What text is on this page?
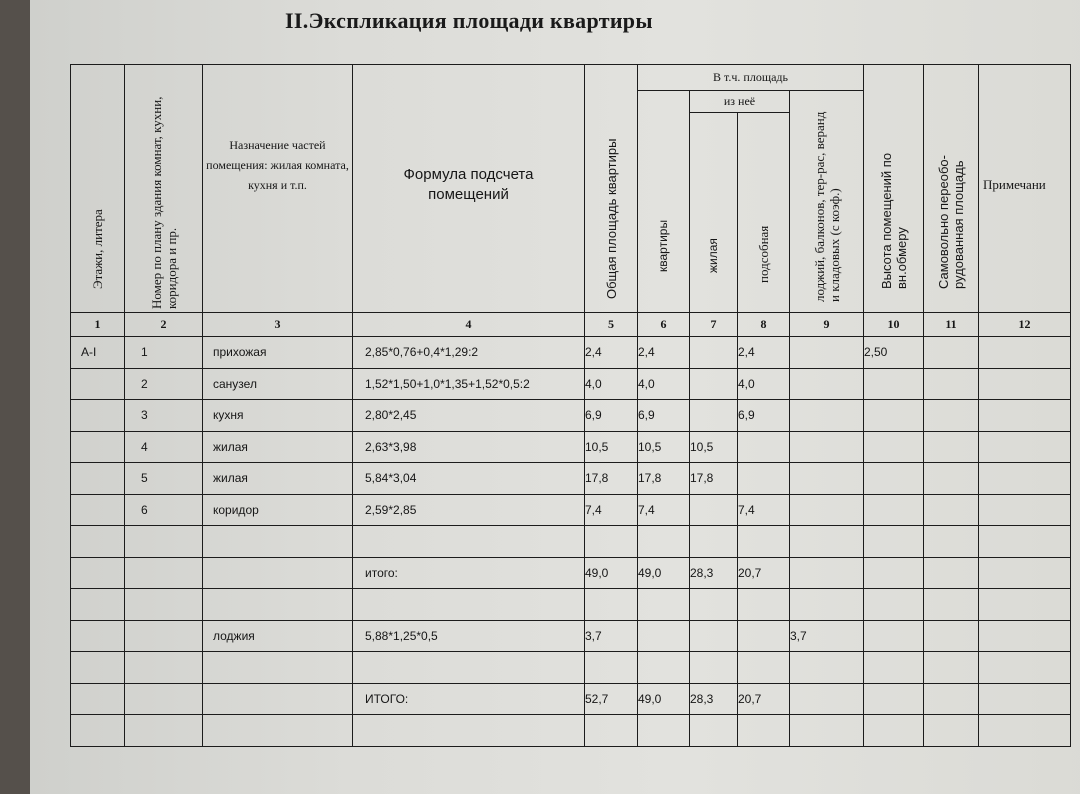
II.Экспликация площади квартиры
Этажи, литера	Номер по плану здания комнат, кухни, коридора и пр.	Назначение частей помещения: жилая комната, кухня и т.п.	Формула подсчета помещений	Общая площадь квартиры	В т.ч. площадь				Высота помещений по вн.обмеру	Самовольно переобо-рудованная площадь	Примечани

					квартиры	из неё		лоджий, балконов, тер-рас, веранд и кладовых (с коэф.)			

						жилая	подсобная				

1	2	3	4	5	6	7	8	9	10	11	12
А-I	1	прихожая	2,85*0,76+0,4*1,29:2	2,4	2,4		2,4		2,50		
	2	санузел	1,52*1,50+1,0*1,35+1,52*0,5:2	4,0	4,0		4,0				
	3	кухня	2,80*2,45	6,9	6,9		6,9				
	4	жилая	2,63*3,98	10,5	10,5	10,5					
	5	жилая	5,84*3,04	17,8	17,8	17,8					
	6	коридор	2,59*2,85	7,4	7,4		7,4				

			итого:	49,0	49,0	28,3	20,7				

		лоджия	5,88*1,25*0,5	3,7				3,7			

			ИТОГО:	52,7	49,0	28,3	20,7				
